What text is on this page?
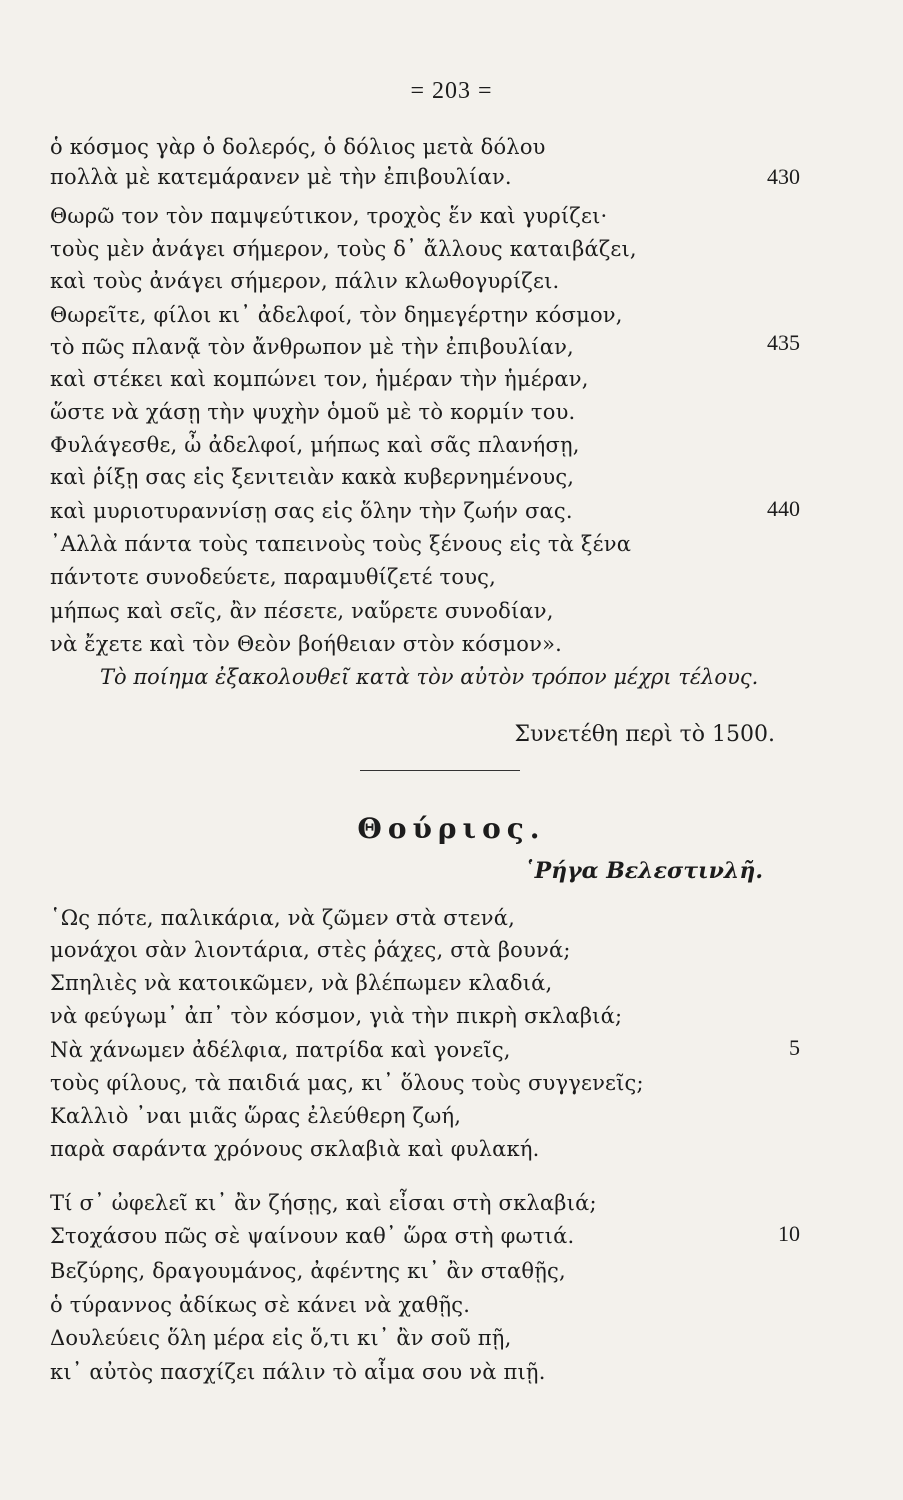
= 203 =
ὁ κόσμος γὰρ ὁ δολερός, ὁ δόλιος μετὰ δόλου
πολλὰ μὲ κατεμάρανεν μὲ τὴν ἐπιβουλίαν.
Θωρῶ τον τὸν παμψεύτικον, τροχὸς ἕν καὶ γυρίζει·
τοὺς μὲν ἀνάγει σήμερον, τοὺς δ᾽ ἄλλους καταιβάζει,
καὶ τοὺς ἀνάγει σήμερον, πάλιν κλωθογυρίζει.
Θωρεῖτε, φίλοι κι᾽ ἀδελφοί, τὸν δημεγέρτην κόσμον,
τὸ πῶς πλανᾷ τὸν ἄνθρωπον μὲ τὴν ἐπιβουλίαν,
καὶ στέκει καὶ κομπώνει τον, ἡμέραν τὴν ἡμέραν,
ὥστε νὰ χάσῃ τὴν ψυχὴν ὁμοῦ μὲ τὸ κορμίν του.
Φυλάγεσθε, ὦ ἀδελφοί, μήπως καὶ σᾶς πλανήσῃ,
καὶ ῥίξῃ σας εἰς ξενιτειὰν κακὰ κυβερνημένους,
καὶ μυριοτυραννίσῃ σας εἰς ὅλην τὴν ζωήν σας.
᾽Αλλὰ πάντα τοὺς ταπεινοὺς τοὺς ξένους εἰς τὰ ξένα
πάντοτε συνοδεύετε, παραμυθίζετέ τους,
μήπως καὶ σεῖς, ἂν πέσετε, ναὕρετε συνοδίαν,
νὰ ἔχετε καὶ τὸν Θεὸν βοήθειαν στὸν κόσμον».
430
435
440
Τὸ ποίημα ἐξακολουθεῖ κατὰ τὸν αὐτὸν τρόπον μέχρι τέλους.
Συνετέθη περὶ τὸ 1500.
Θούριος.
῾Ρήγα Βελεστινλῆ.
῾Ως πότε, παλικάρια, νὰ ζῶμεν στὰ στενά,
μονάχοι σὰν λιοντάρια, στὲς ῥάχες, στὰ βουνά;
Σπηλιὲς νὰ κατοικῶμεν, νὰ βλέπωμεν κλαδιά,
νὰ φεύγωμ᾽ ἀπ᾽ τὸν κόσμον, γιὰ τὴν πικρὴ σκλαβιά;
Νὰ χάνωμεν ἀδέλφια, πατρίδα καὶ γονεῖς,
τοὺς φίλους, τὰ παιδιά μας, κι᾽ ὅλους τοὺς συγγενεῖς;
Καλλιὸ ᾽ναι μιᾶς ὥρας ἐλεύθερη ζωή,
παρὰ σαράντα χρόνους σκλαβιὰ καὶ φυλακή.
5
Τί σ᾽ ὠφελεῖ κι᾽ ἂν ζήσῃς, καὶ εἶσαι στὴ σκλαβιά;
Στοχάσου πῶς σὲ ψαίνουν καθ᾽ ὥρα στὴ φωτιά.
Βεζύρης, δραγουμάνος, ἀφέντης κι᾽ ἂν σταθῇς,
ὁ τύραννος ἀδίκως σὲ κάνει νὰ χαθῇς.
Δουλεύεις ὅλη μέρα εἰς ὅ,τι κι᾽ ἂν σοῦ πῇ,
κι᾽ αὐτὸς πασχίζει πάλιν τὸ αἷμα σου νὰ πιῇ.
10
